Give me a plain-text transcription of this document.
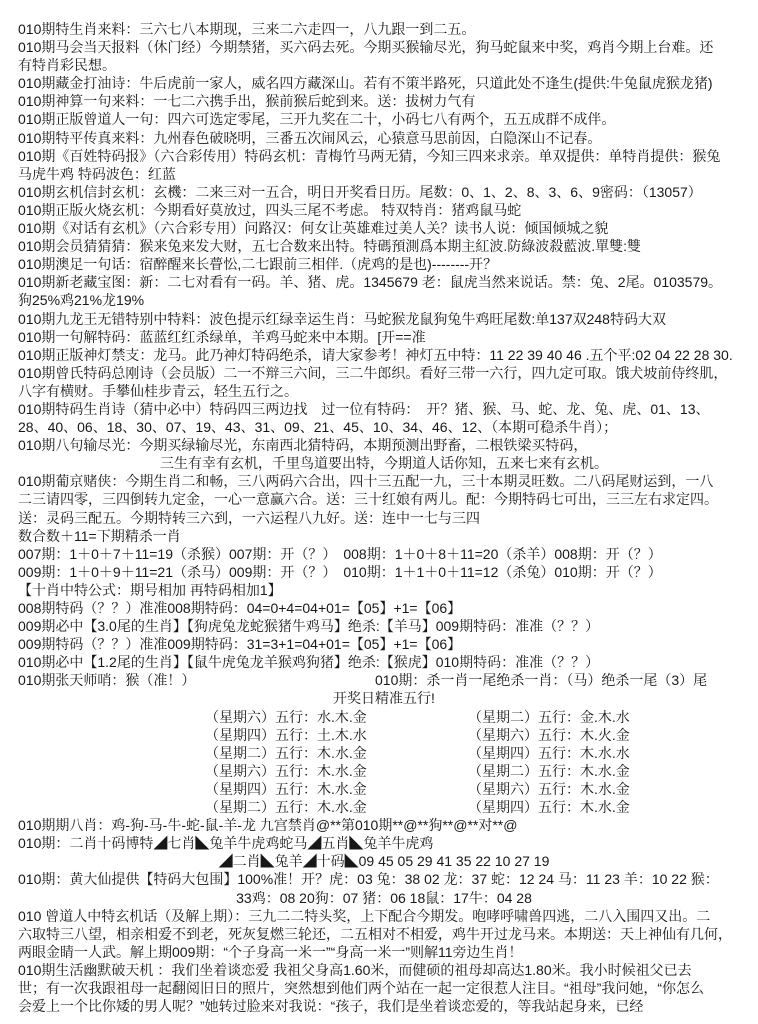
010期特生肖来料：三六七八本期现，三来二六走四一，八九跟一到二五。
010期马会当天报料（休门经）今期禁猪，买六码去死。今期买猴输尽光，狗马蛇鼠来中奖，鸡肖今期上台难。还
有特肖彩民想。
010期藏金打油诗：牛后虎前一家人，威名四方藏深山。若有不策半路死，只道此处不逢生(提供:牛兔鼠虎猴龙猪)
010期神算一句来料：一七二六携手出，猴前猴后蛇到来。送：拔树力气有
010期正版曾道人一句：四六可选定零尾，三开九奖在二十，小码七八有两个，五五成群不成伴。
010期特平传真来料：九州春色破晓明，三番五次闹风云，心猿意马思前因，白隐深山不记春。
010期《百姓特码报》（六合彩传用）特码玄机：青梅竹马两无猜，今知三四来求亲。单双提供：单特肖提供：猴兔
马虎牛鸡 特码波色：红蓝
010期玄机信封玄机：玄機：二来三对一五合，明日开奖看日历。尾数：0、1、2、8、3、6、9密码：（13057）
010期正版火烧玄机：今期看好莫放过，四头三尾不考虑。 特双特肖：猪鸡鼠马蛇
010期《对话有玄机》（六合彩专用）问路汉：何女让英雄难过美人关？读书人说：倾国倾城之貌
010期会员猜猜猜：猴来兔来发大财，五七合数来出特。特碼預測爲本期主紅波.防綠波殺藍波.單雙:雙
010期澳足一句话：宿醉醒来长瞢忪,二七跟前三相伴.（虎鸡的是也)--------开？
010期新老藏宝图：新：二七对看有一码。羊、猪、虎。1345679 老：鼠虎当然来说话。禁：兔、2尾。0103579。
狗25%鸡21%龙19%
010期九龙王无错特别中特料：波色提示红绿幸运生肖：马蛇猴龙鼠狗兔牛鸡旺尾数:单137双248特码大双
010期一句解特码：蓝蓝红红杀绿单，羊鸡马蛇来中本期。[开==准
010期正版神灯禁支：龙马。此乃神灯特码绝杀，请大家参考！神灯五中特：11 22 39 40 46 .五个平:02 04 22 28 30.
010期曾氏特码总刚诗（会员版）二一不辩三六间，三二牛郎织。看好三带一六行，四九定可取。饿犬坡前侍终肌，
八字有横财。手攀仙桂步青云，轻生五行之。
010期特码生肖诗（猜中必中）特码四三两边找　过一位有特码：　开？猪、猴、马、蛇、龙、兔、虎、01、13、
28、40、06、18、30、07、19、43、31、09、21、45、10、34、46、12、（本期可稳杀牛肖）；
010期八句输尽光：今期买绿输尽光，东南西北猜特码，本期预测出野畜，二根铁梁买特码，
三生有幸有玄机，千里鸟道要出特，今期道人话你知，五来七来有玄机。
010期葡京赌侠：今期生肖二和畅，三八两码六合出，四十三五配一九，三十本期灵旺数。二八码尾财运到，一八
二三请四零，三四倒转九定金，一心一意赢六合。送：三十红娘有两儿。配：今期特码七可出，三三左右求定四。
送：灵码三配五。今期特转三六到，一六运程八九好。送：连中一七与三四
数合数＋11=下期精杀一肖
007期：1＋0＋7＋11=19（杀猴）007期：开（？）　008期：1＋0＋8＋11=20（杀羊）008期：开（？）
009期：1＋0＋9＋11=21（杀马）009期：开（？）　010期：1＋1＋0＋11=12（杀兔）010期：开（？）
【十肖中特公式：期号相加 再特码相加1】
008期特码（？？）准准008期特码：04=0+4=04+01=【05】+1=【06】
009期必中【3.0尾的生肖】【狗虎兔龙蛇猴猪牛鸡马】绝杀:【羊马】009期特码：准准（？？）
009期特码（？？）准准009期特码：31=3+1=04+01=【05】+1=【06】
010期必中【1.2尾的生肖】【鼠牛虎兔龙羊猴鸡狗猪】绝杀:【猴虎】010期特码：准准（？？）
010期张天师哨：猴（准！）	010期：杀一肖一尾绝杀一肖：（马）绝杀一尾（3）尾
开奖日精准五行!
（星期六）五行：水.木.金	（星期二）五行：金.木.水
（星期四）五行：土.木.水	（星期六）五行：木.火.金
（星期二）五行：木.水.金	（星期四）五行：木.水.水
（星期六）五行：木.水.金	（星期二）五行：木.水.金
（星期四）五行：木.水.金	（星期六）五行：木.水.金
（星期二）五行：木.水.金	（星期四）五行：木.水.金
010期期八肖：鸡-狗-马-牛-蛇-鼠-羊-龙 九宫禁肖@**第010期**@**狗**@**对**@
010期：二肖十码博特◢七肖◣兔羊牛虎鸡蛇马◢五肖◣兔羊牛虎鸡
◢二肖◣兔羊◢十码◣09 45 05 29 41 35 22 10 27 19
010期：黄大仙提供【特码大包围】100%准！开？虎：03 兔：38 02 龙：37 蛇：12 24 马：11 23 羊：10 22 猴：
33鸡：08 20狗：07 猪：06 18鼠：17牛：04 28
010 曾道人中特玄机话（及解上期）：三九二二特头奖，上下配合今期发。咆哮呼啸兽四逃，二八入围四又出。二
六取特三八望，相亲相爱不到老，死灰复燃三轮还，二五相对不相爱，鸡牛开过龙马来。本期送：天上神仙有几何，
两眼金睛一人武。解上期009期：“个子身高一米一”“身高一米一”则解11旁边生肖！
010期生活幽默破天机 ：我们坐着谈恋爱 我祖父身高1.60米，而健硕的祖母却高达1.80米。我小时候祖父已去
世；有一次我跟祖母一起翻阅旧日的照片，突然想到他们两个站在一起一定很惹人注目。“祖母”我问她，“你怎么
会爱上一个比你矮的男人呢？”她转过脸来对我说：“孩子，我们是坐着谈恋爱的，等我站起身来，已经
